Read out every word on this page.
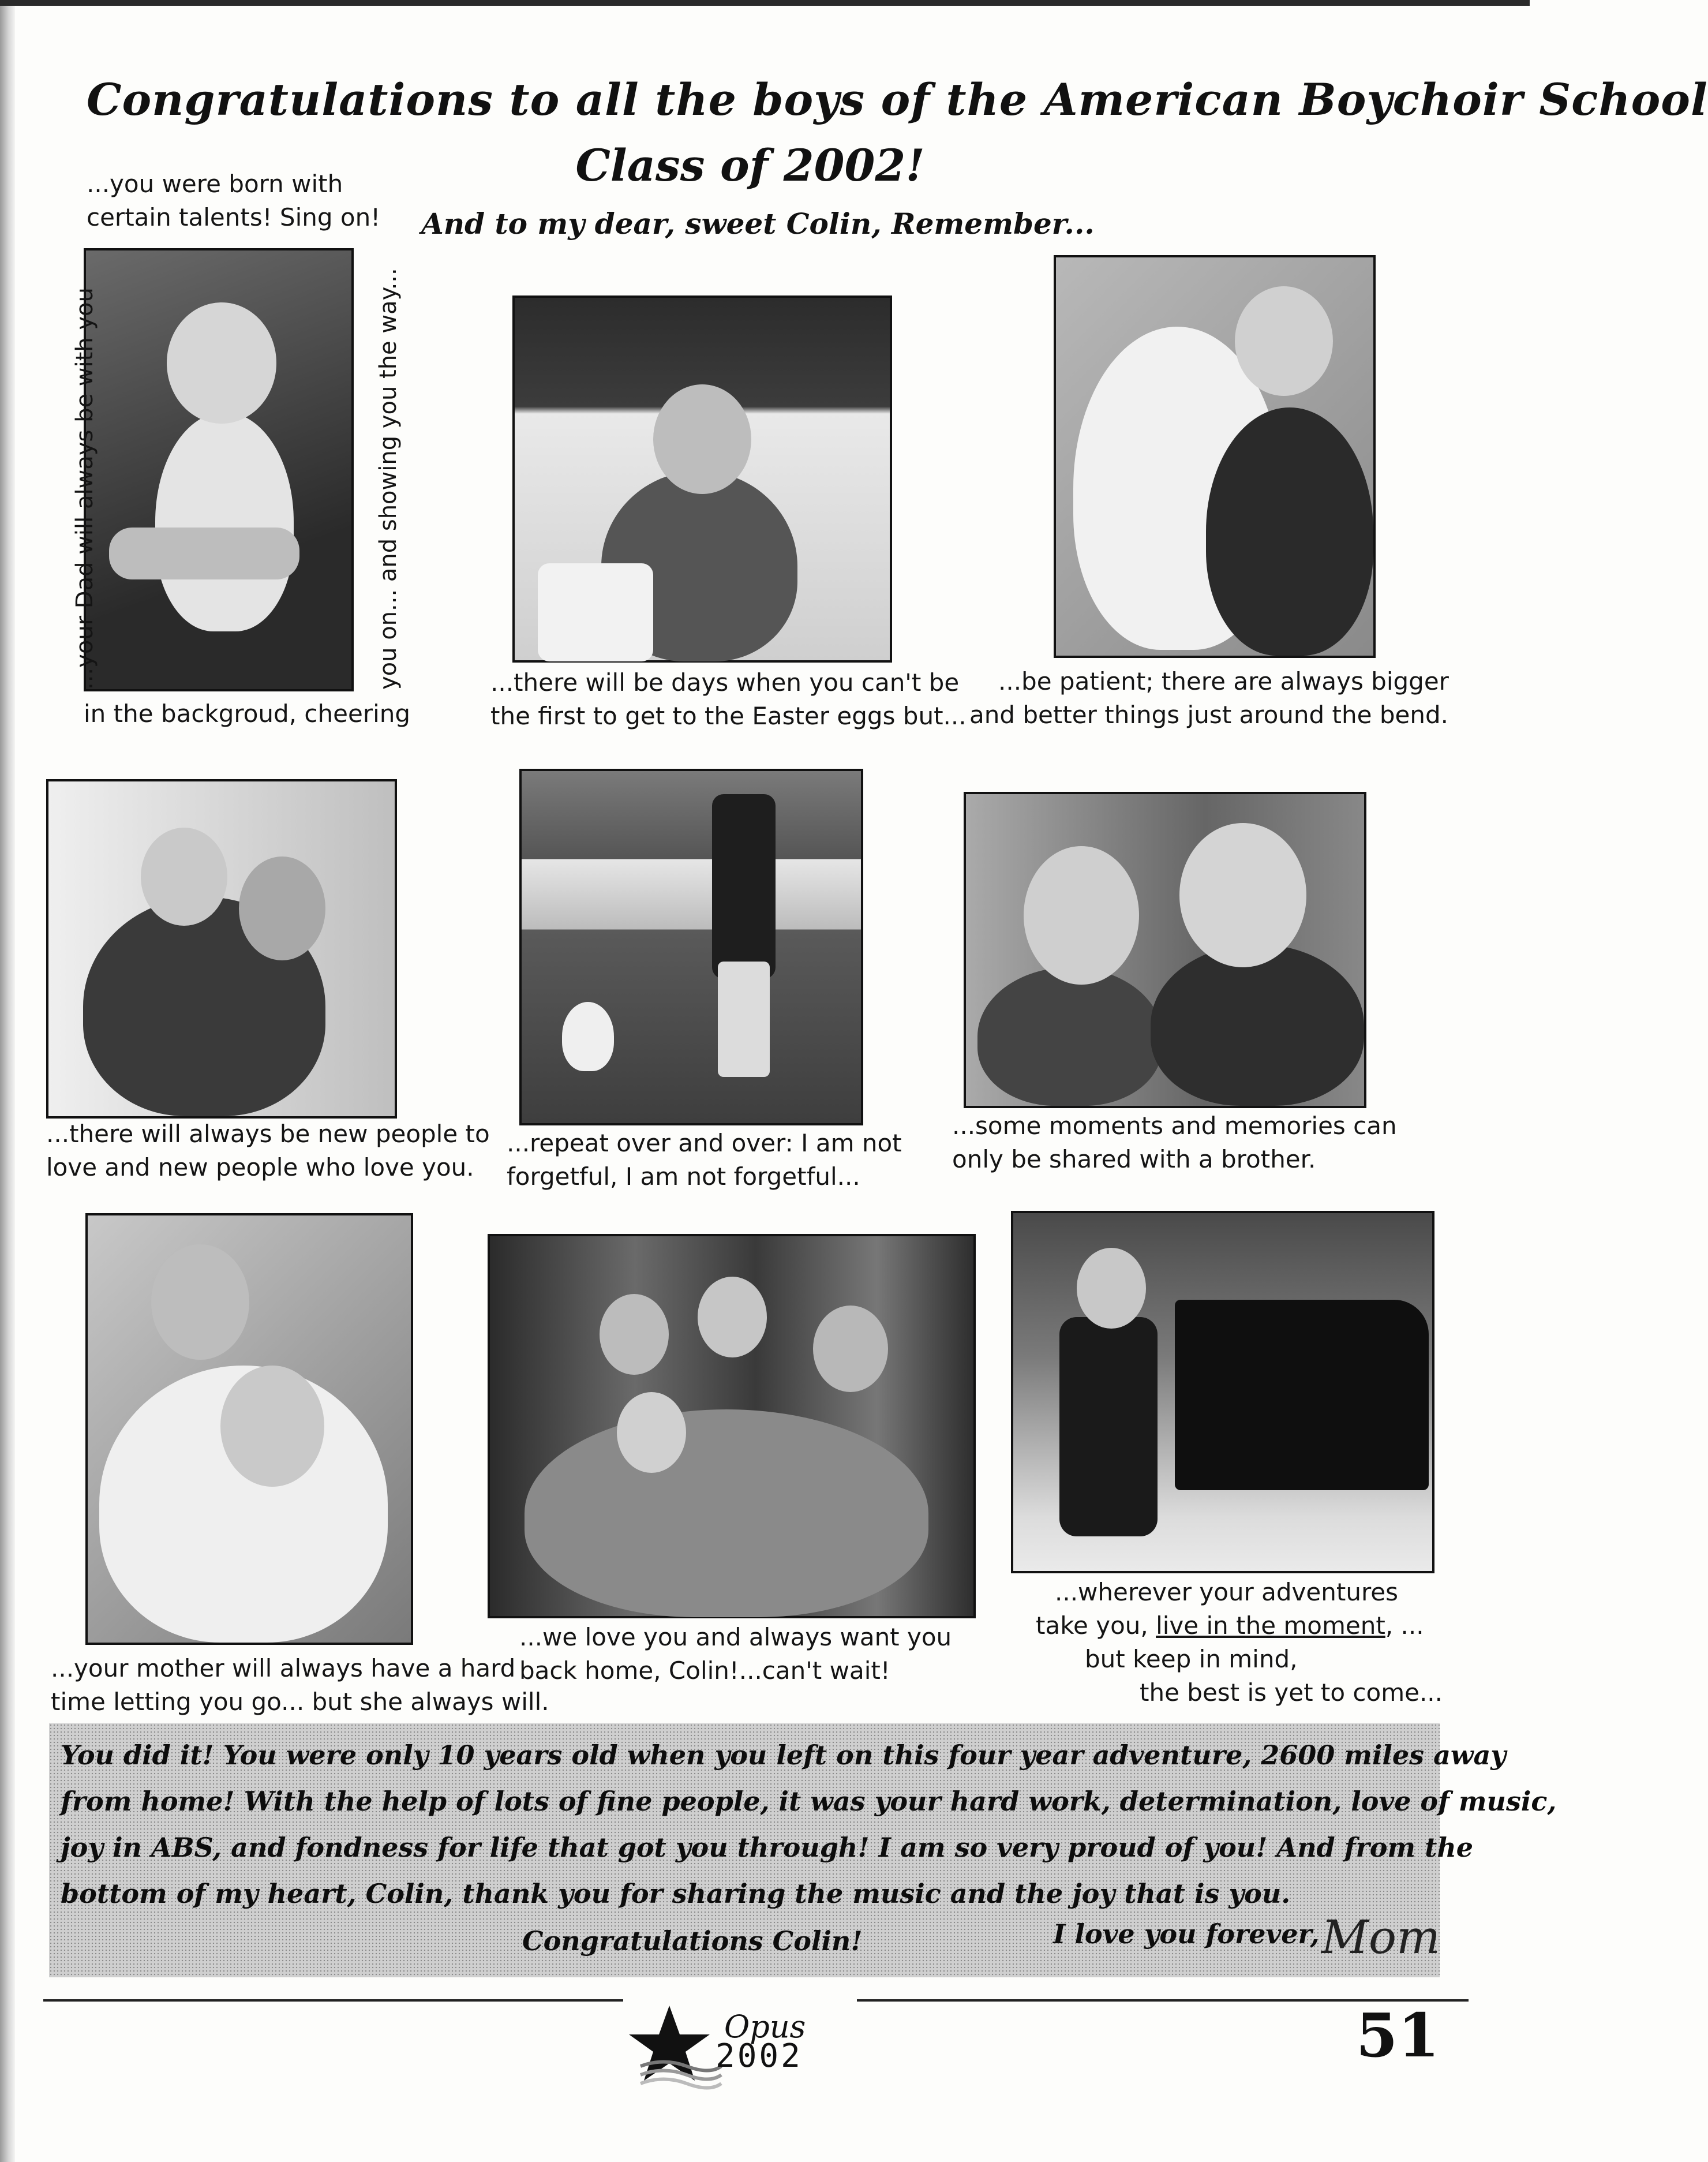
Congratulations to all the boys of the American Boychoir School
Class of 2002!
And to my dear, sweet Colin, Remember...
...you were born with
certain talents! Sing on!
...your Dad will always be with you	you on... and showing you the way...
in the backgroud, cheering
...there will be days when you can't be
the first to get to the Easter eggs but...
...be patient; there are always bigger
and better things just around the bend.
...there will always be new people to
love and new people who love you.
...repeat over and over: I am not
forgetful, I am not forgetful...
...some moments and memories can
only be shared with a brother.
...your mother will always have a hard
time letting you go... but she always will.
...we love you and always want you
back home, Colin!...can't wait!
...wherever your adventures
take you, live in the moment, ...
but keep in mind,
the best is yet to come...
You did it! You were only 10 years old when you left on this four year adventure, 2600 miles away
from home! With the help of lots of fine people, it was your hard work, determination, love of music,
joy in ABS, and fondness for life that got you through! I am so very proud of you! And from the
bottom of my heart, Colin, thank you for sharing the music and the joy that is you.
Congratulations Colin!	I love you forever, Mom
Opus
2002	51
